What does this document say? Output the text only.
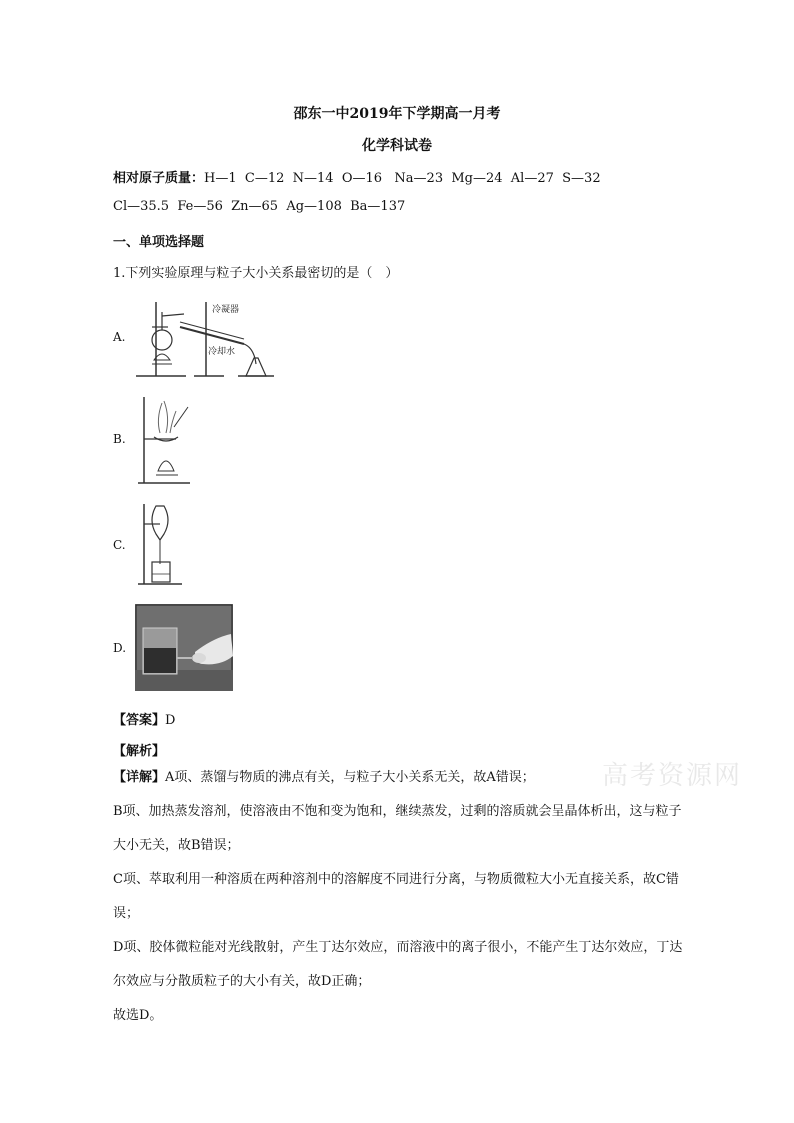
邵东一中2019年下学期高一月考
化学科试卷
相对原子质量：H—1  C—12  N—14  O—16   Na—23  Mg—24  Al—27  S—32
Cl—35.5  Fe—56  Zn—65  Ag—108  Ba—137
一、单项选择题
1.下列实验原理与粒子大小关系最密切的是（　）
A.
冷凝器
冷却水
B.
C.
D.
【答案】D
【解析】
【详解】A项、蒸馏与物质的沸点有关，与粒子大小关系无关，故A错误；
B项、加热蒸发溶剂，使溶液由不饱和变为饱和，继续蒸发，过剩的溶质就会呈晶体析出，这与粒子大小无关，故B错误；
C项、萃取利用一种溶质在两种溶剂中的溶解度不同进行分离，与物质微粒大小无直接关系，故C错误；
D项、胶体微粒能对光线散射，产生丁达尔效应，而溶液中的离子很小，不能产生丁达尔效应，丁达尔效应与分散质粒子的大小有关，故D正确；
故选D。
高考资源网
